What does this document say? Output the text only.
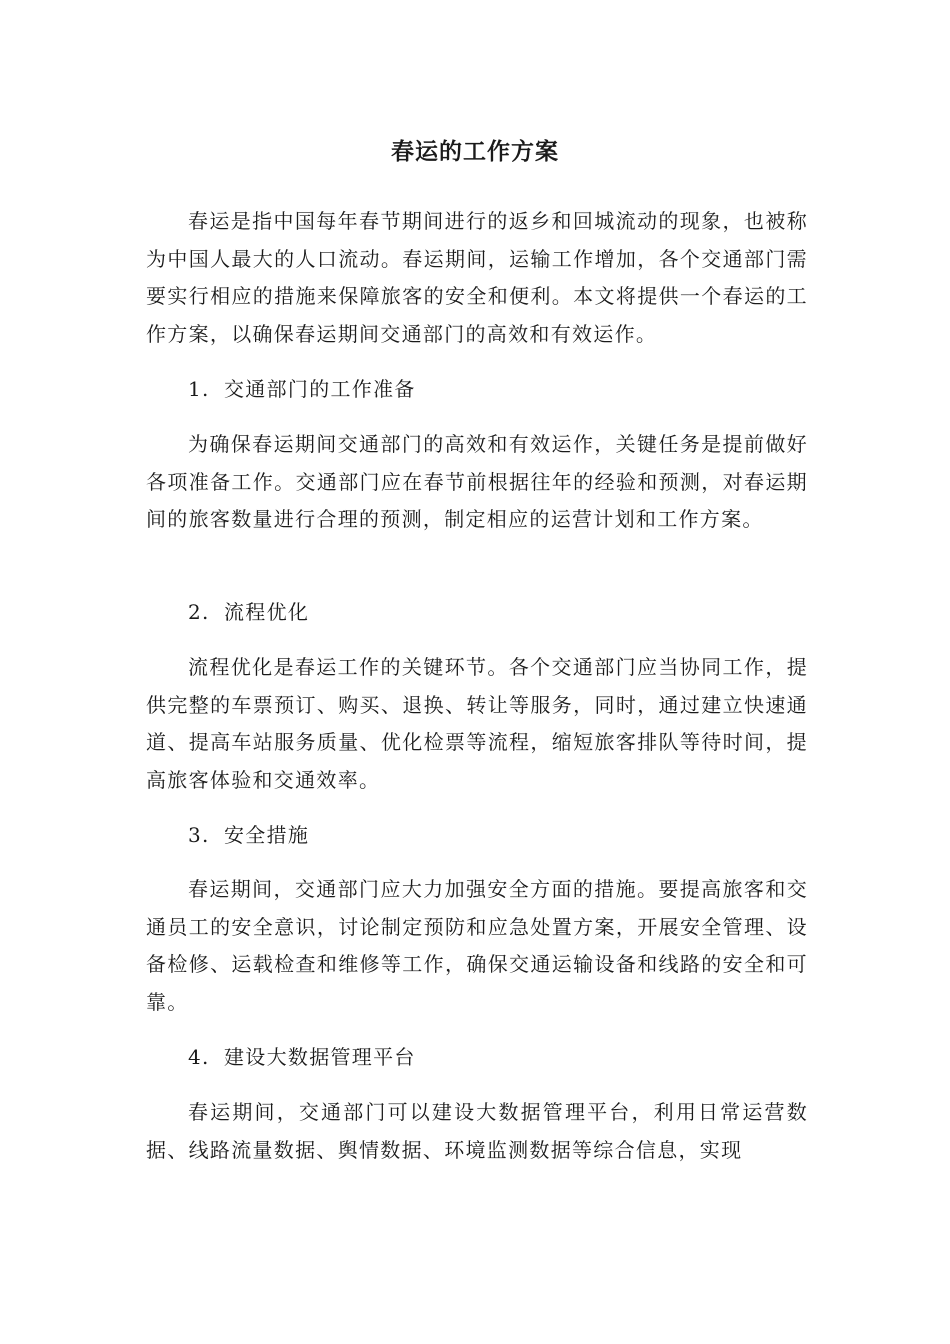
春运的工作方案

春运是指中国每年春节期间进行的返乡和回城流动的现象，也被称为中国人最大的人口流动。春运期间，运输工作增加，各个交通部门需要实行相应的措施来保障旅客的安全和便利。本文将提供一个春运的工作方案，以确保春运期间交通部门的高效和有效运作。

1. 交通部门的工作准备

为确保春运期间交通部门的高效和有效运作，关键任务是提前做好各项准备工作。交通部门应在春节前根据往年的经验和预测，对春运期间的旅客数量进行合理的预测，制定相应的运营计划和工作方案。

2. 流程优化

流程优化是春运工作的关键环节。各个交通部门应当协同工作，提供完整的车票预订、购买、退换、转让等服务，同时，通过建立快速通道、提高车站服务质量、优化检票等流程，缩短旅客排队等待时间，提高旅客体验和交通效率。

3. 安全措施

春运期间，交通部门应大力加强安全方面的措施。要提高旅客和交通员工的安全意识，讨论制定预防和应急处置方案，开展安全管理、设备检修、运载检查和维修等工作，确保交通运输设备和线路的安全和可靠。

4. 建设大数据管理平台

春运期间，交通部门可以建设大数据管理平台，利用日常运营数据、线路流量数据、舆情数据、环境监测数据等综合信息，实现
